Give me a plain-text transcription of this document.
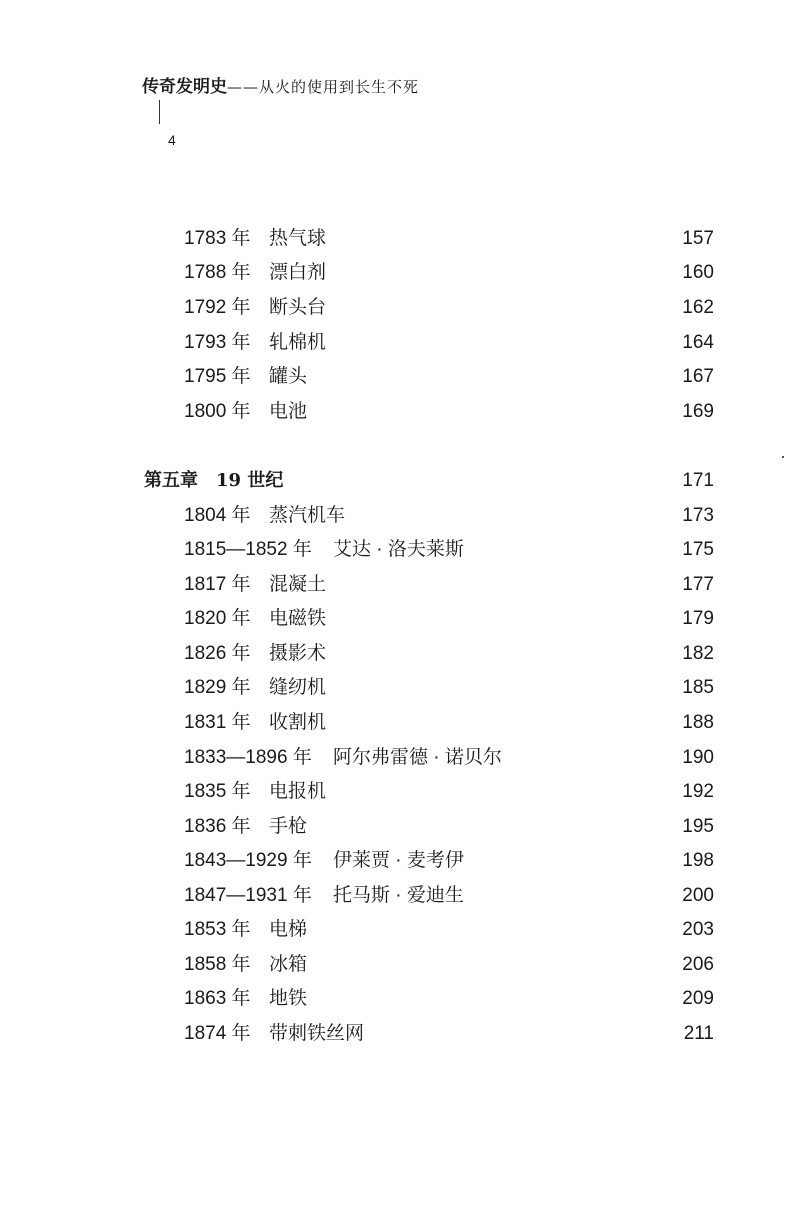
传奇发明史——从火的使用到长生不死
4
1783 年 热气球	157
1788 年 漂白剂	160
1792 年 断头台	162
1793 年 轧棉机	164
1795 年 罐头	167
1800 年 电池	169
第五章　19 世纪	171
1804 年 蒸汽机车	173
1815—1852 年 艾达 · 洛夫莱斯	175
1817 年 混凝土	177
1820 年 电磁铁	179
1826 年 摄影术	182
1829 年 缝纫机	185
1831 年 收割机	188
1833—1896 年 阿尔弗雷德 · 诺贝尔	190
1835 年 电报机	192
1836 年 手枪	195
1843—1929 年 伊莱贾 · 麦考伊	198
1847—1931 年 托马斯 · 爱迪生	200
1853 年 电梯	203
1858 年 冰箱	206
1863 年 地铁	209
1874 年 带刺铁丝网	211
